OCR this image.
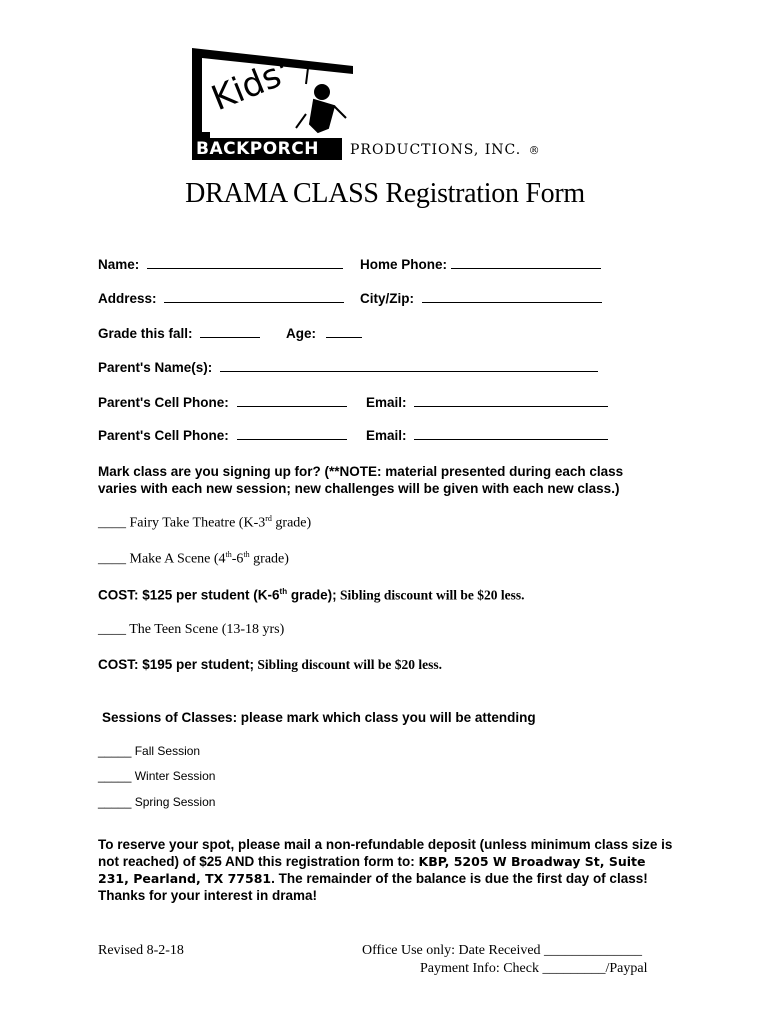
Kids'
BACKPORCH PRODUCTIONS, INC. ®
DRAMA CLASS Registration Form
Name:	Home Phone:
Address:	City/Zip:
Grade this fall:	Age:
Parent's Name(s):
Parent's Cell Phone:	Email:
Parent's Cell Phone:	Email:
Mark class are you signing up for? (**NOTE: material presented during each class
varies with each new session; new challenges will be given with each new class.)
____ Fairy Take Theatre (K-3rd grade)
____ Make A Scene (4th-6th grade)
COST: $125 per student (K-6th grade); Sibling discount will be $20 less.
____ The Teen Scene (13-18 yrs)
COST: $195 per student; Sibling discount will be $20 less.
Sessions of Classes: please mark which class you will be attending
_____ Fall Session
_____ Winter Session
_____ Spring Session
To reserve your spot, please mail a non-refundable deposit (unless minimum class size is not reached) of $25 AND this registration form to: KBP, 5205 W Broadway St, Suite 231, Pearland, TX 77581. The remainder of the balance is due the first day of class! Thanks for your interest in drama!
Revised 8-2-18	Office Use only: Date Received ______________
Payment Info: Check _________/Paypal
